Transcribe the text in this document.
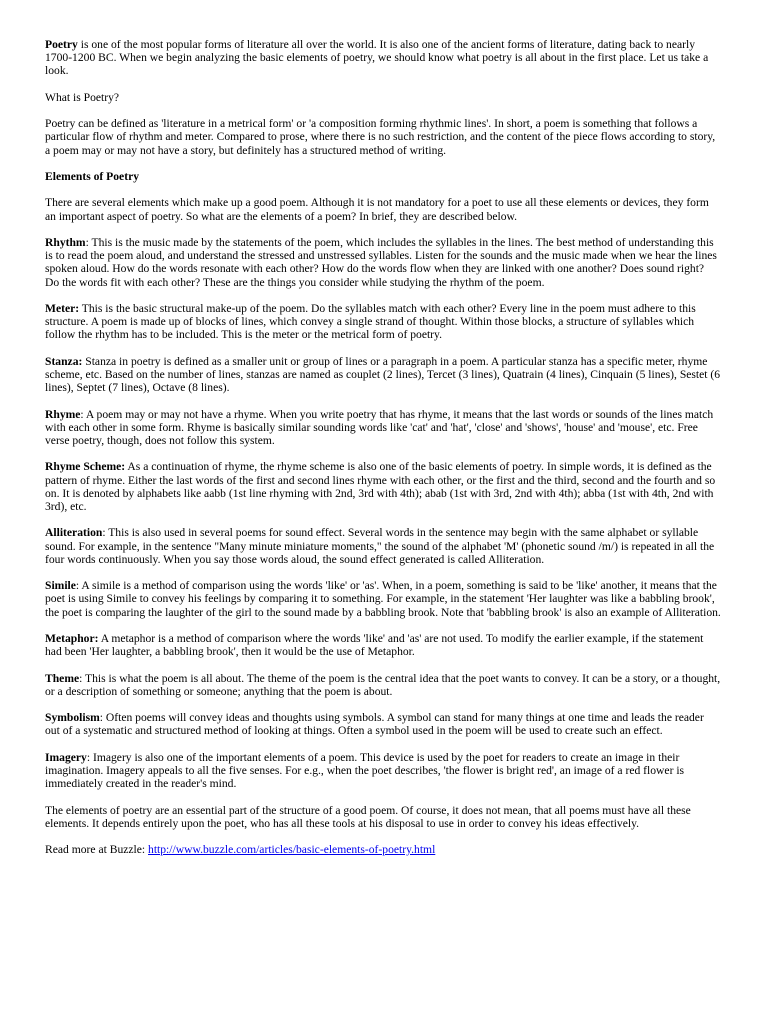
Poetry is one of the most popular forms of literature all over the world. It is also one of the ancient forms of literature, dating back to nearly 1700-1200 BC. When we begin analyzing the basic elements of poetry, we should know what poetry is all about in the first place. Let us take a look.

What is Poetry?

Poetry can be defined as 'literature in a metrical form' or 'a composition forming rhythmic lines'. In short, a poem is something that follows a particular flow of rhythm and meter. Compared to prose, where there is no such restriction, and the content of the piece flows according to story, a poem may or may not have a story, but definitely has a structured method of writing.

Elements of Poetry

There are several elements which make up a good poem. Although it is not mandatory for a poet to use all these elements or devices, they form an important aspect of poetry. So what are the elements of a poem? In brief, they are described below.

Rhythm: This is the music made by the statements of the poem, which includes the syllables in the lines. The best method of understanding this is to read the poem aloud, and understand the stressed and unstressed syllables. Listen for the sounds and the music made when we hear the lines spoken aloud. How do the words resonate with each other? How do the words flow when they are linked with one another? Does sound right? Do the words fit with each other? These are the things you consider while studying the rhythm of the poem.

Meter: This is the basic structural make-up of the poem. Do the syllables match with each other? Every line in the poem must adhere to this structure. A poem is made up of blocks of lines, which convey a single strand of thought. Within those blocks, a structure of syllables which follow the rhythm has to be included. This is the meter or the metrical form of poetry.

Stanza: Stanza in poetry is defined as a smaller unit or group of lines or a paragraph in a poem. A particular stanza has a specific meter, rhyme scheme, etc. Based on the number of lines, stanzas are named as couplet (2 lines), Tercet (3 lines), Quatrain (4 lines), Cinquain (5 lines), Sestet (6 lines), Septet (7 lines), Octave (8 lines).

Rhyme: A poem may or may not have a rhyme. When you write poetry that has rhyme, it means that the last words or sounds of the lines match with each other in some form. Rhyme is basically similar sounding words like 'cat' and 'hat', 'close' and 'shows', 'house' and 'mouse', etc. Free verse poetry, though, does not follow this system.

Rhyme Scheme: As a continuation of rhyme, the rhyme scheme is also one of the basic elements of poetry. In simple words, it is defined as the pattern of rhyme. Either the last words of the first and second lines rhyme with each other, or the first and the third, second and the fourth and so on. It is denoted by alphabets like aabb (1st line rhyming with 2nd, 3rd with 4th); abab (1st with 3rd, 2nd with 4th); abba (1st with 4th, 2nd with 3rd), etc.

Alliteration: This is also used in several poems for sound effect. Several words in the sentence may begin with the same alphabet or syllable sound. For example, in the sentence "Many minute miniature moments," the sound of the alphabet 'M' (phonetic sound /m/) is repeated in all the four words continuously. When you say those words aloud, the sound effect generated is called Alliteration.

Simile: A simile is a method of comparison using the words 'like' or 'as'. When, in a poem, something is said to be 'like' another, it means that the poet is using Simile to convey his feelings by comparing it to something. For example, in the statement 'Her laughter was like a babbling brook', the poet is comparing the laughter of the girl to the sound made by a babbling brook. Note that 'babbling brook' is also an example of Alliteration.

Metaphor: A metaphor is a method of comparison where the words 'like' and 'as' are not used. To modify the earlier example, if the statement had been 'Her laughter, a babbling brook', then it would be the use of Metaphor.

Theme: This is what the poem is all about. The theme of the poem is the central idea that the poet wants to convey. It can be a story, or a thought, or a description of something or someone; anything that the poem is about.

Symbolism: Often poems will convey ideas and thoughts using symbols. A symbol can stand for many things at one time and leads the reader out of a systematic and structured method of looking at things. Often a symbol used in the poem will be used to create such an effect.

Imagery: Imagery is also one of the important elements of a poem. This device is used by the poet for readers to create an image in their imagination. Imagery appeals to all the five senses. For e.g., when the poet describes, 'the flower is bright red', an image of a red flower is immediately created in the reader's mind.

The elements of poetry are an essential part of the structure of a good poem. Of course, it does not mean, that all poems must have all these elements. It depends entirely upon the poet, who has all these tools at his disposal to use in order to convey his ideas effectively.

Read more at Buzzle: http://www.buzzle.com/articles/basic-elements-of-poetry.html
